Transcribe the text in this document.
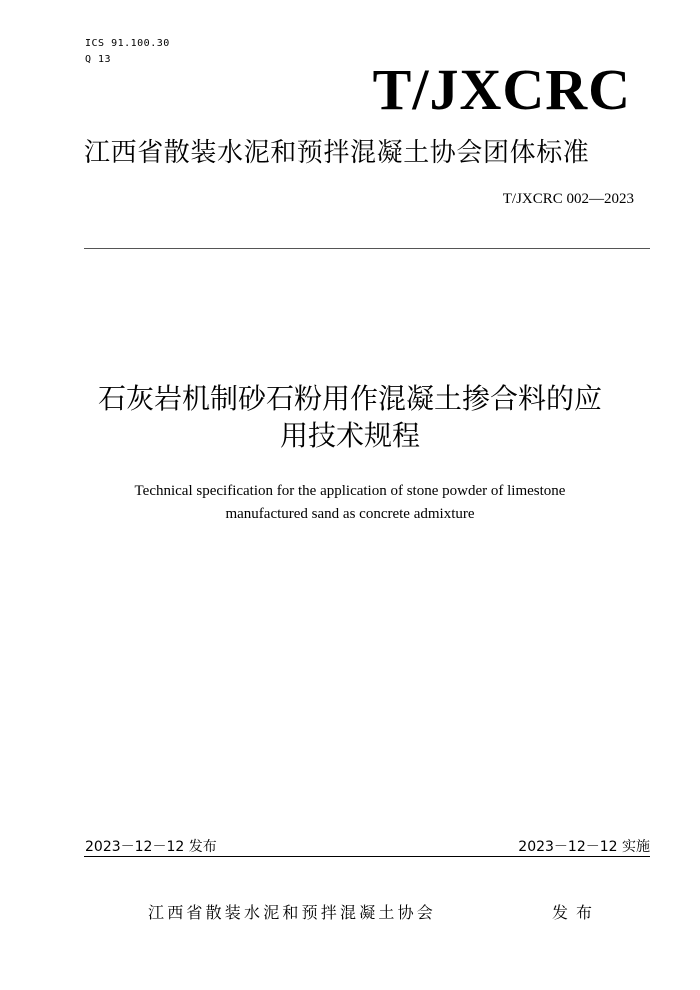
ICS 91.100.30
Q 13	T/JXCRC
江西省散装水泥和预拌混凝土协会团体标准
T/JXCRC 002—2023
石灰岩机制砂石粉用作混凝土掺合料的应
用技术规程
Technical specification for the application of stone powder of limestone
manufactured sand as concrete admixture
2023－12－12 发布	2023－12－12 实施
江西省散装水泥和预拌混凝土协会	发布
